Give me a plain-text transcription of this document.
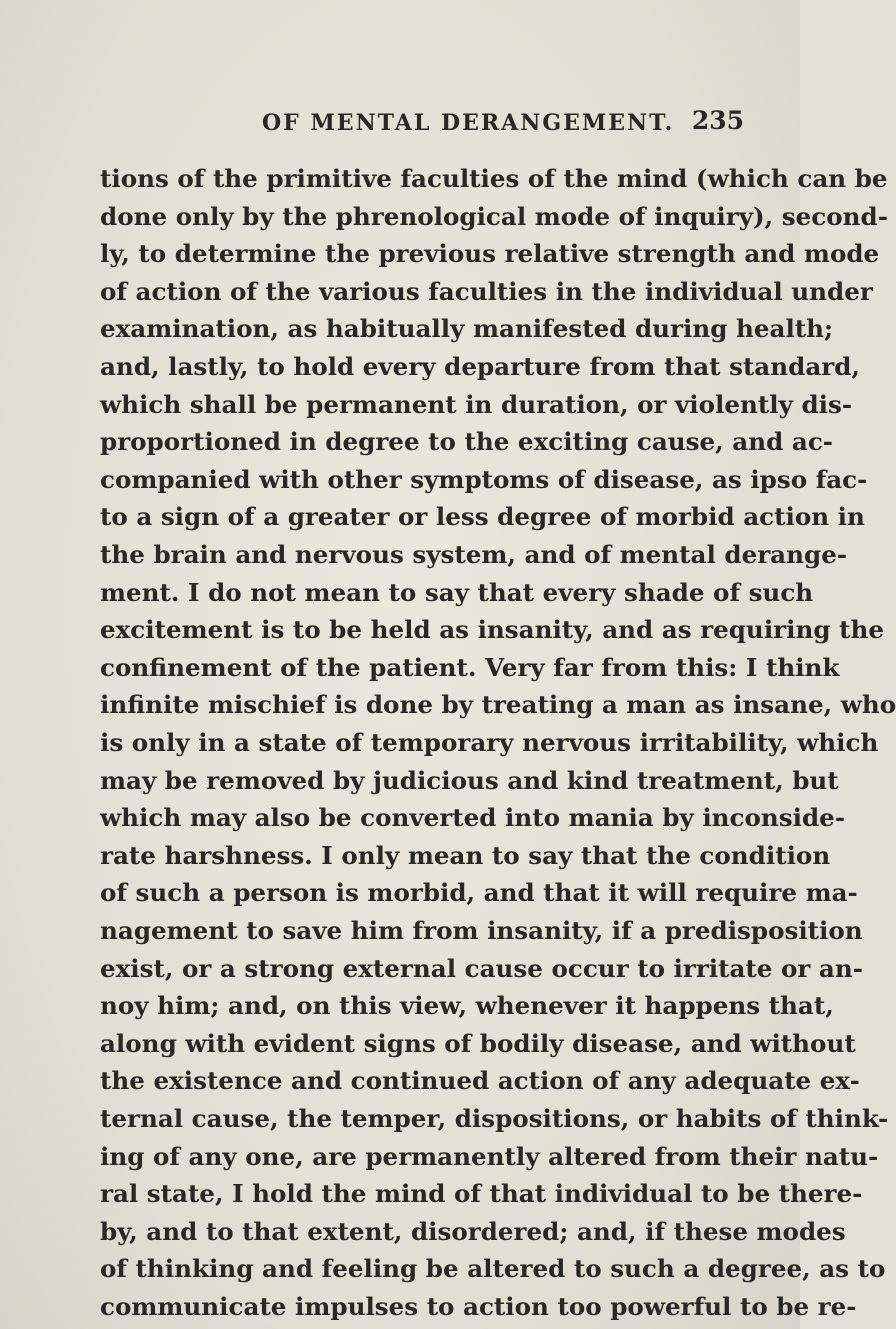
OF MENTAL DERANGEMENT. 235
tions of the primitive faculties of the mind (which can be
done only by the phrenological mode of inquiry), second-
ly, to determine the previous relative strength and mode
of action of the various faculties in the individual under
examination, as habitually manifested during health;
and, lastly, to hold every departure from that standard,
which shall be permanent in duration, or violently dis-
proportioned in degree to the exciting cause, and ac-
companied with other symptoms of disease, as ipso fac-
to a sign of a greater or less degree of morbid action in
the brain and nervous system, and of mental derange-
ment. I do not mean to say that every shade of such
excitement is to be held as insanity, and as requiring the
confinement of the patient. Very far from this: I think
infinite mischief is done by treating a man as insane, who
is only in a state of temporary nervous irritability, which
may be removed by judicious and kind treatment, but
which may also be converted into mania by inconside-
rate harshness. I only mean to say that the condition
of such a person is morbid, and that it will require ma-
nagement to save him from insanity, if a predisposition
exist, or a strong external cause occur to irritate or an-
noy him; and, on this view, whenever it happens that,
along with evident signs of bodily disease, and without
the existence and continued action of any adequate ex-
ternal cause, the temper, dispositions, or habits of think-
ing of any one, are permanently altered from their natu-
ral state, I hold the mind of that individual to be there-
by, and to that extent, disordered; and, if these modes
of thinking and feeling be altered to such a degree, as to
communicate impulses to action too powerful to be re-
